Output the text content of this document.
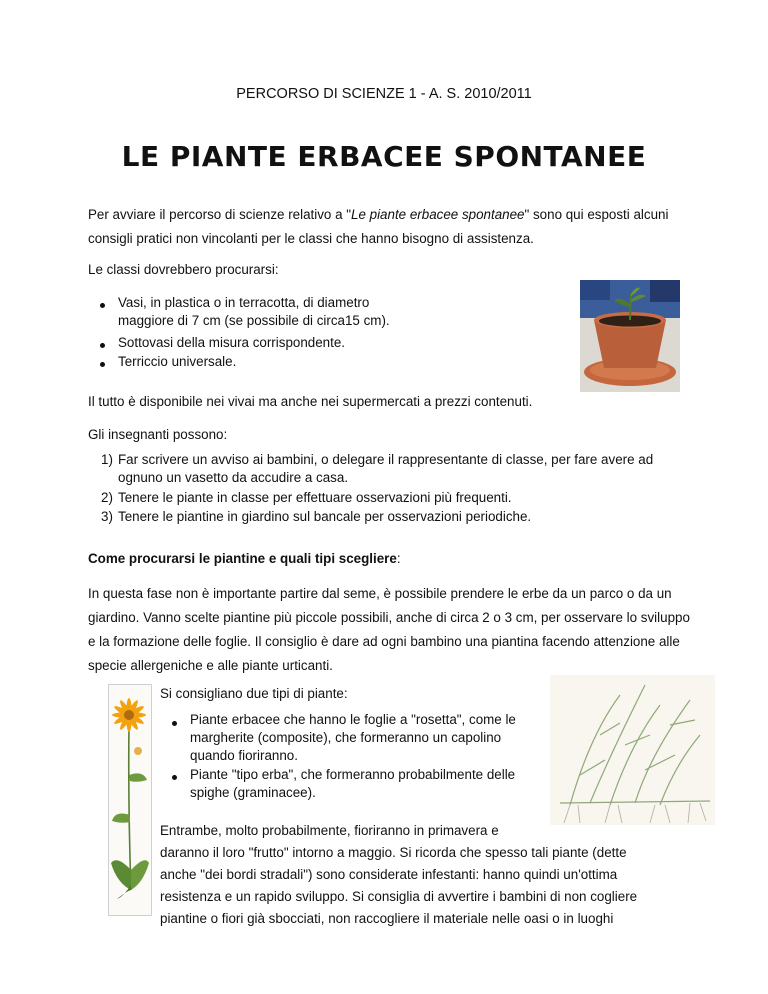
PERCORSO DI SCIENZE 1 - A. S. 2010/2011
LE PIANTE ERBACEE SPONTANEE

Per avviare il percorso di scienze relativo a "Le piante erbacee spontanee" sono qui esposti alcuni consigli pratici non vincolanti per le classi che hanno bisogno di assistenza.

Le classi dovrebbero procurarsi:

Vasi, in plastica o in terracotta, di diametro maggiore di 7 cm (se possibile di circa15 cm).
Sottovasi della misura corrispondente.
Terriccio universale.

Il tutto è disponibile nei vivai ma anche nei supermercati a prezzi contenuti.

Gli insegnanti possono:

1) Far scrivere un avviso ai bambini, o delegare il rappresentante di classe, per fare avere ad ognuno un vasetto da accudire a casa.
2) Tenere le piante in classe per effettuare osservazioni più frequenti.
3) Tenere le piantine in giardino sul bancale per osservazioni periodiche.

Come procurarsi le piantine e quali tipi scegliere:

In questa fase non è importante partire dal seme, è possibile prendere le erbe da un parco o da un giardino. Vanno scelte piantine più piccole possibili, anche di circa 2 o 3 cm, per osservare lo sviluppo e la formazione delle foglie. Il consiglio è dare ad ogni bambino una piantina facendo attenzione alle specie allergeniche e alle piante urticanti.

Si consigliano due tipi di piante:

Piante erbacee che hanno le foglie a "rosetta", come le margherite (composite), che formeranno un capolino quando fioriranno.
Piante "tipo erba", che formeranno probabilmente delle spighe (graminacee).

Entrambe, molto probabilmente, fioriranno in primavera e

daranno il loro "frutto" intorno a maggio. Si ricorda che spesso tali piante (dette

anche "dei bordi stradali") sono considerate infestanti: hanno quindi un'ottima

resistenza e un rapido sviluppo. Si consiglia di avvertire i bambini di non cogliere

piantine o fiori già sbocciati, non raccogliere il materiale nelle oasi o in luoghi
